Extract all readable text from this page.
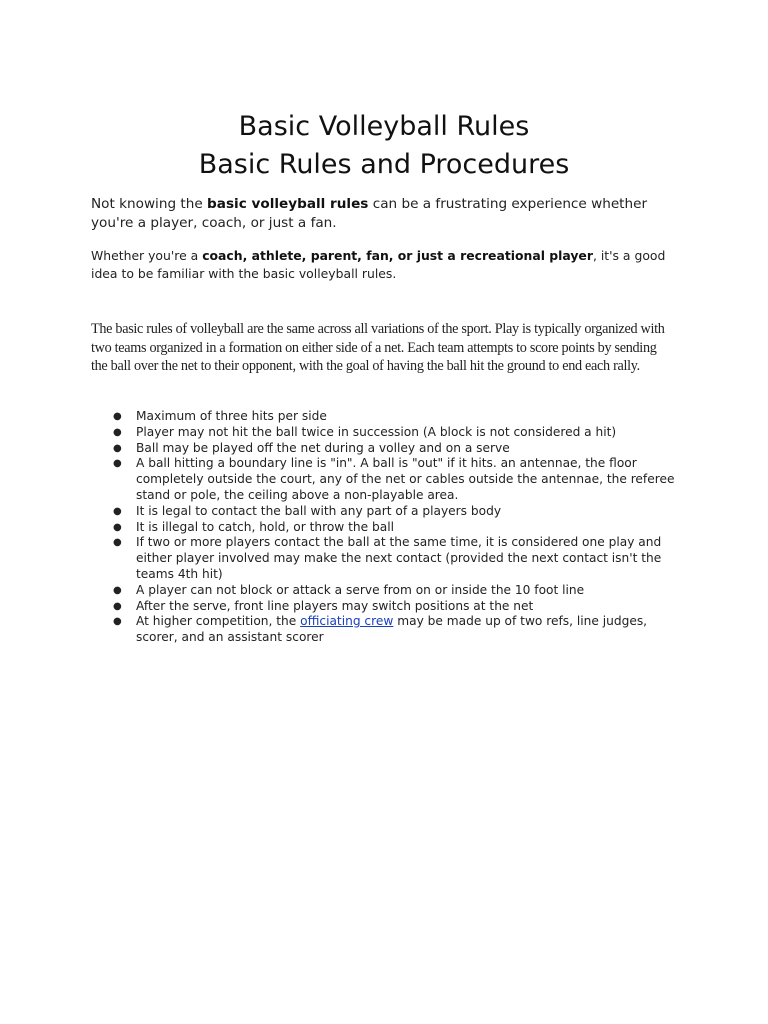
Basic Volleyball Rules
Basic Rules and Procedures

Not knowing the basic volleyball rules can be a frustrating experience whether you're a player, coach, or just a fan.

Whether you're a coach, athlete, parent, fan, or just a recreational player, it's a good idea to be familiar with the basic volleyball rules.

The basic rules of volleyball are the same across all variations of the sport. Play is typically organized with two teams organized in a formation on either side of a net. Each team attempts to score points by sending the ball over the net to their opponent, with the goal of having the ball hit the ground to end each rally.

● Maximum of three hits per side
● Player may not hit the ball twice in succession (A block is not considered a hit)
● Ball may be played off the net during a volley and on a serve
● A ball hitting a boundary line is "in". A ball is "out" if it hits. an antennae, the floor completely outside the court, any of the net or cables outside the antennae, the referee stand or pole, the ceiling above a non-playable area.
● It is legal to contact the ball with any part of a players body
● It is illegal to catch, hold, or throw the ball
● If two or more players contact the ball at the same time, it is considered one play and either player involved may make the next contact (provided the next contact isn't the teams 4th hit)
● A player can not block or attack a serve from on or inside the 10 foot line
● After the serve, front line players may switch positions at the net
● At higher competition, the officiating crew may be made up of two refs, line judges, scorer, and an assistant scorer
